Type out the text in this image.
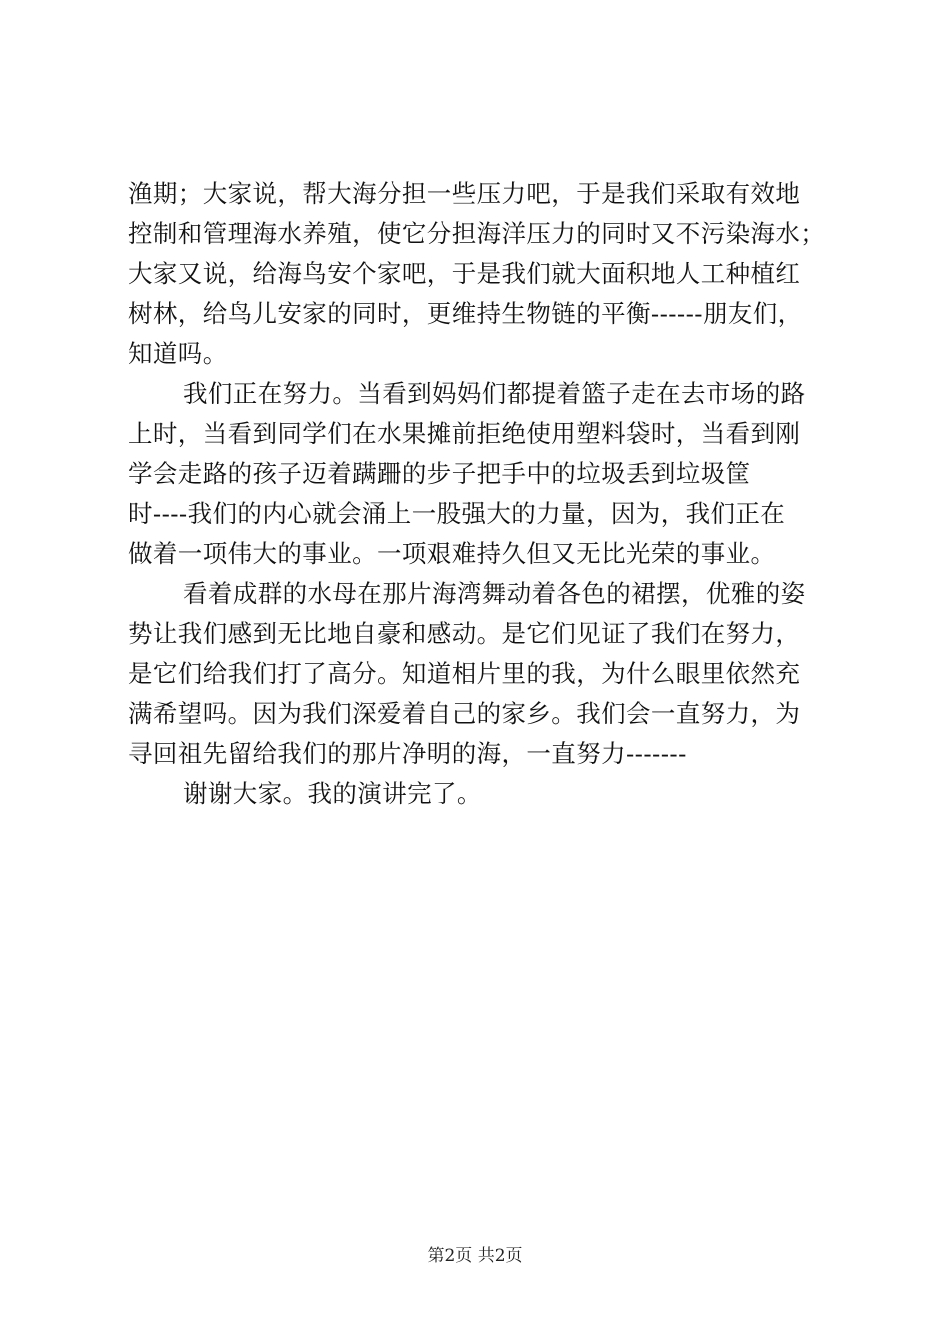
渔期；大家说，帮大海分担一些压力吧，于是我们采取有效地
控制和管理海水养殖，使它分担海洋压力的同时又不污染海水；
大家又说，给海鸟安个家吧，于是我们就大面积地人工种植红
树林，给鸟儿安家的同时，更维持生物链的平衡------朋友们，
知道吗。
我们正在努力。当看到妈妈们都提着篮子走在去市场的路
上时，当看到同学们在水果摊前拒绝使用塑料袋时，当看到刚
学会走路的孩子迈着蹒跚的步子把手中的垃圾丢到垃圾筐
时----我们的内心就会涌上一股强大的力量，因为，我们正在
做着一项伟大的事业。一项艰难持久但又无比光荣的事业。
看着成群的水母在那片海湾舞动着各色的裙摆，优雅的姿
势让我们感到无比地自豪和感动。是它们见证了我们在努力，
是它们给我们打了高分。知道相片里的我，为什么眼里依然充
满希望吗。因为我们深爱着自己的家乡。我们会一直努力，为
寻回祖先留给我们的那片净明的海，一直努力-------
谢谢大家。我的演讲完了。
第2页 共2页
